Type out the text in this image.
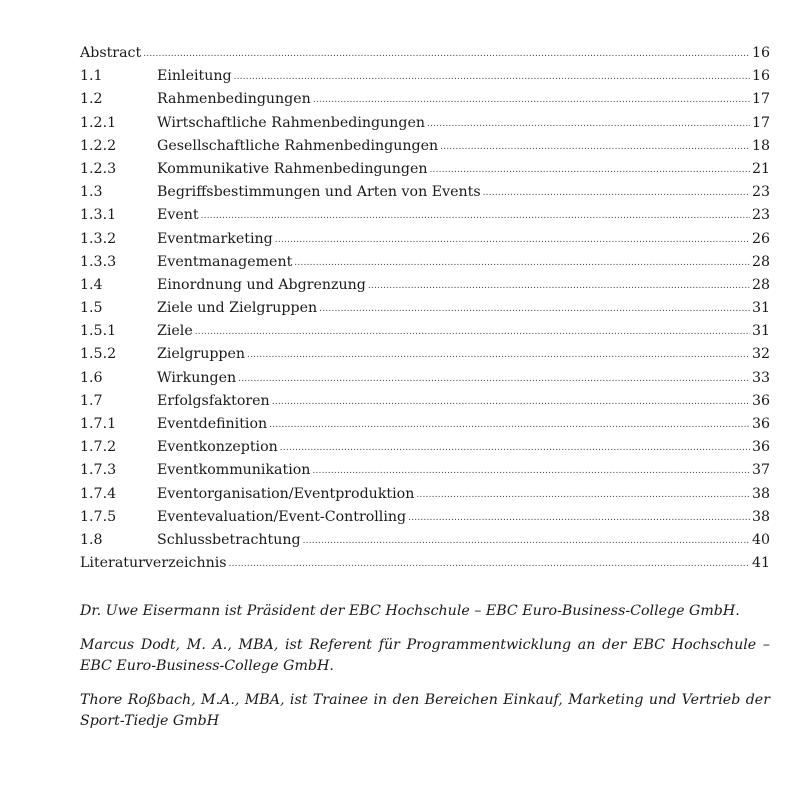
Abstract .....	16
1.1	Einleitung .....	16
1.2	Rahmenbedingungen .....	17
1.2.1	Wirtschaftliche Rahmenbedingungen .....	17
1.2.2	Gesellschaftliche Rahmenbedingungen .....	18
1.2.3	Kommunikative Rahmenbedingungen .....	21
1.3	Begriffsbestimmungen und Arten von Events .....	23
1.3.1	Event .....	23
1.3.2	Eventmarketing .....	26
1.3.3	Eventmanagement .....	28
1.4	Einordnung und Abgrenzung .....	28
1.5	Ziele und Zielgruppen .....	31
1.5.1	Ziele .....	31
1.5.2	Zielgruppen .....	32
1.6	Wirkungen .....	33
1.7	Erfolgsfaktoren .....	36
1.7.1	Eventdefinition .....	36
1.7.2	Eventkonzeption .....	36
1.7.3	Eventkommunikation .....	37
1.7.4	Eventorganisation/Eventproduktion .....	38
1.7.5	Eventevaluation/Event-Controlling .....	38
1.8	Schlussbetrachtung .....	40
Literaturverzeichnis .....	41

Dr. Uwe Eisermann ist Präsident der EBC Hochschule – EBC Euro-Business-College GmbH.

Marcus Dodt, M. A., MBA, ist Referent für Programmentwicklung an der EBC Hochschule – EBC Euro-Business-College GmbH.

Thore Roßbach, M.A., MBA, ist Trainee in den Bereichen Einkauf, Marketing und Vertrieb der Sport-Tiedje GmbH
